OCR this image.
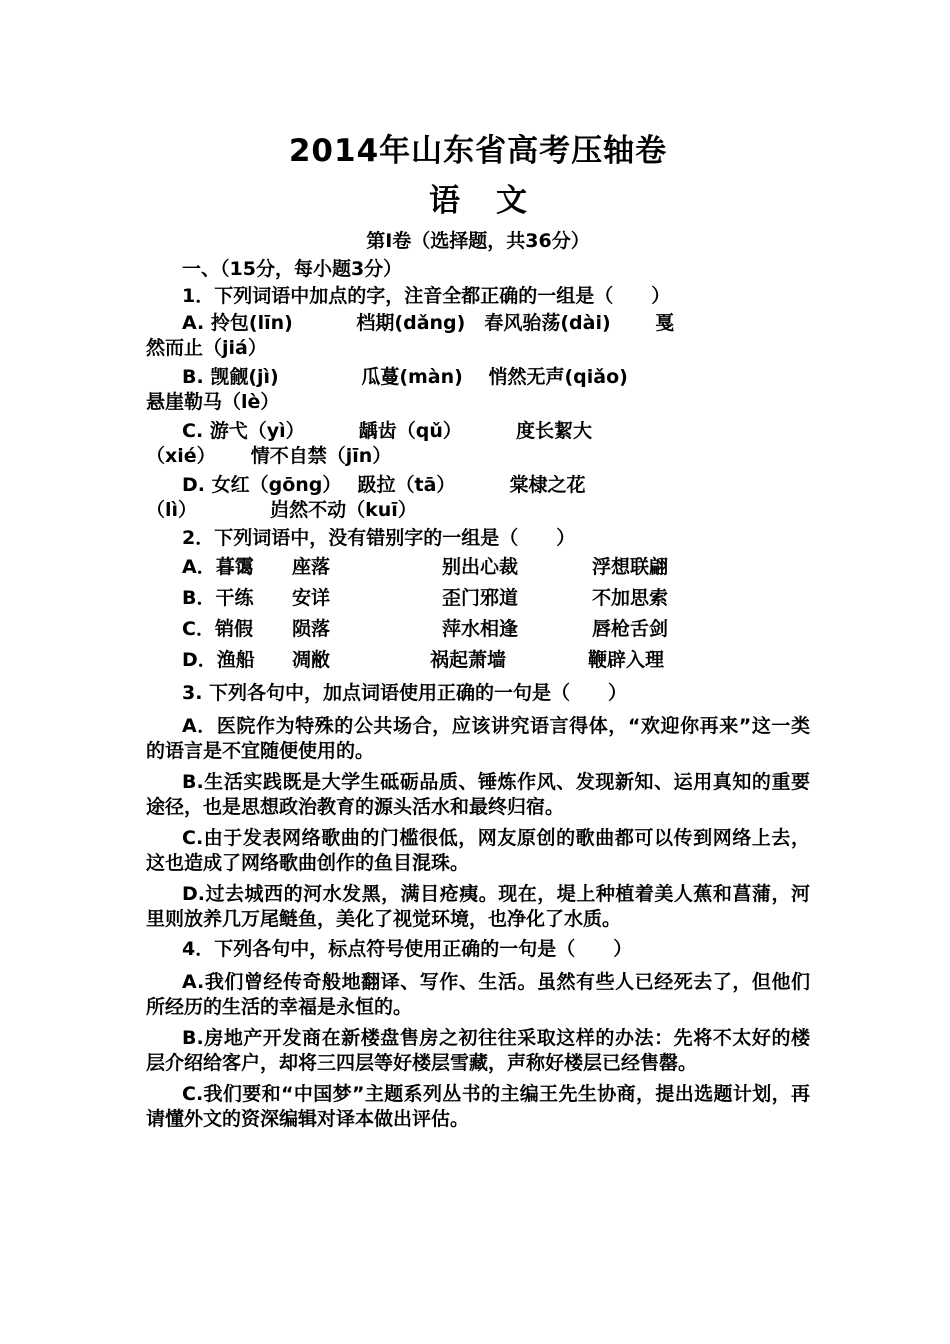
2014年山东省高考压轴卷
语 文
第Ⅰ卷（选择题，共36分）

一、（15分，每小题3分）

1．下列词语中加点的字，注音全都正确的一组是（　　）

A. 拎包(līn)　　　 档期(dǎng)　春风骀荡(dài)　　 戛

然而止（jiá）

B. 觊觎(jì)　　　　 瓜蔓(màn)　 悄然无声(qiǎo)

悬崖勒马（lè）

C. 游弋（yì）　　　 龋齿（qǔ）　　　 度长絜大

（xié）　　 情不自禁（jīn）

D. 女红（gōng）　 趿拉（tā）　　　 棠棣之花

（lì）　　　　 岿然不动（kuī）

2．下列词语中，没有错别字的一组是（　　）

A．暮霭	座落	别出心裁	浮想联翩
B．干练	安详	歪门邪道	不加思索
C．销假	陨落	萍水相逢	唇枪舌剑
D．渔船	凋敝	祸起萧墙	鞭辟入理

3. 下列各句中，加点词语使用正确的一句是（　　）

A．医院作为特殊的公共场合，应该讲究语言得体，“欢迎你再来”这一类的语言是不宜随便使用的。

B.生活实践既是大学生砥砺品质、锤炼作风、发现新知、运用真知的重要途径，也是思想政治教育的源头活水和最终归宿。

C.由于发表网络歌曲的门槛很低，网友原创的歌曲都可以传到网络上去，这也造成了网络歌曲创作的鱼目混珠。

D.过去城西的河水发黑，满目疮痍。现在，堤上种植着美人蕉和菖蒲，河里则放养几万尾鲢鱼，美化了视觉环境，也净化了水质。

4．下列各句中，标点符号使用正确的一句是（　　）

A.我们曾经传奇般地翻译、写作、生活。虽然有些人已经死去了，但他们所经历的生活的幸福是永恒的。

B.房地产开发商在新楼盘售房之初往往采取这样的办法：先将不太好的楼层介绍给客户，却将三四层等好楼层雪藏，声称好楼层已经售罄。

C.我们要和“中国梦”主题系列丛书的主编王先生协商，提出选题计划，再请懂外文的资深编辑对译本做出评估。
